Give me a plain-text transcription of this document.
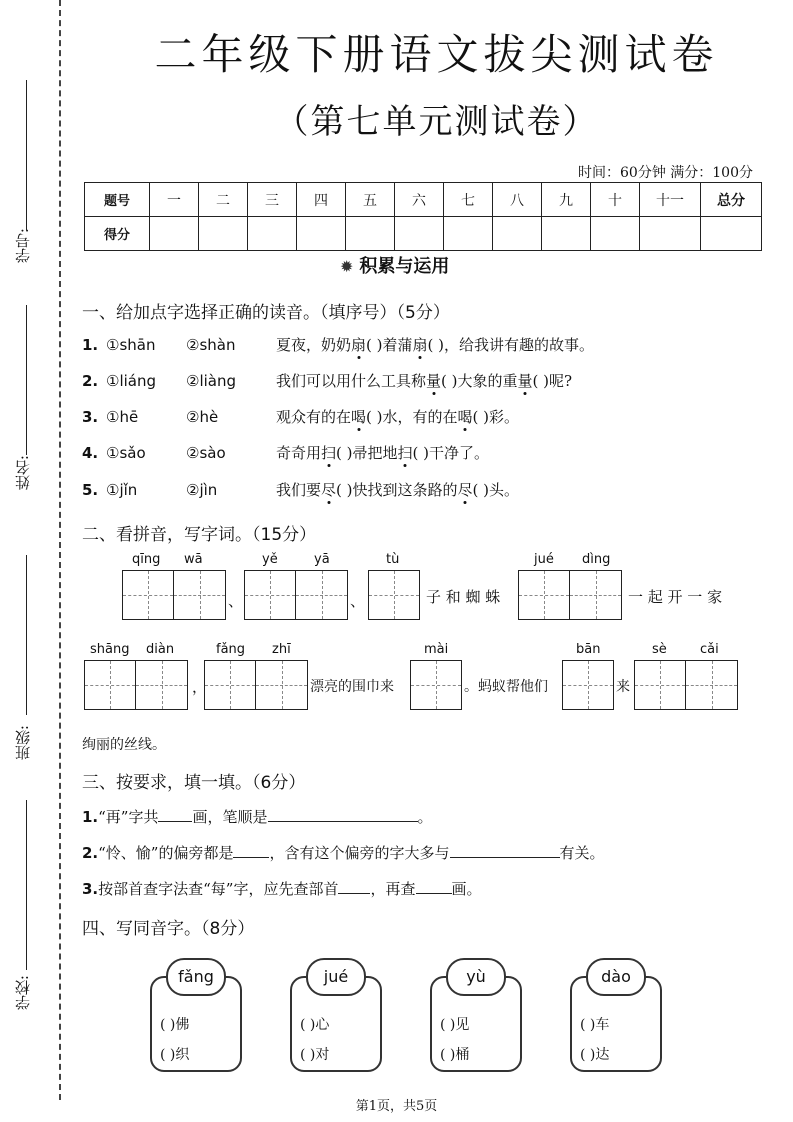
学号:
姓名:
班级:
学校:
二年级下册语文拔尖测试卷
（第七单元测试卷）
时间：60分钟 满分：100分
题号	一	二	三	四	五	六	七	八	九	十	十一	总分
得分												
✹ 积累与运用
一、给加点字选择正确的读音。（填序号）（5分）
1. ①shān ②shàn	夏夜，奶奶扇( )着蒲扇( )，给我讲有趣的故事。
2. ①liáng ②liàng	我们可以用什么工具称量( )大象的重量( )呢?
3. ①hē	②hè	观众有的在喝( )水，有的在喝( )彩。
4. ①sǎo	②sào	奇奇用扫( )帚把地扫( )干净了。
5. ①jǐn	②jìn	我们要尽( )快找到这条路的尽( )头。
二、看拼音，写字词。（15分）
qīng wā	yě	yā	tù	jué dìng
、	、	子 和 蜘 蛛	一 起 开 一 家
shāng diàn	fǎng zhī	mài	bān	sè	cǎi
，	漂亮的围巾来	。蚂蚁帮他们	来
绚丽的丝线。
三、按要求，填一填。（6分）
1.“再”字共 画，笔顺是	。
2.“怜、愉”的偏旁都是 ，含有这个偏旁的字大多与	有关。
3.按部首查字法查“每”字，应先查部首 ，再查 画。
四、写同音字。（8分）
fǎng
( )佛
( )织
jué
( )心
( )对
yù
( )见
( )桶
dào
( )车
( )达
第1页，共5页
